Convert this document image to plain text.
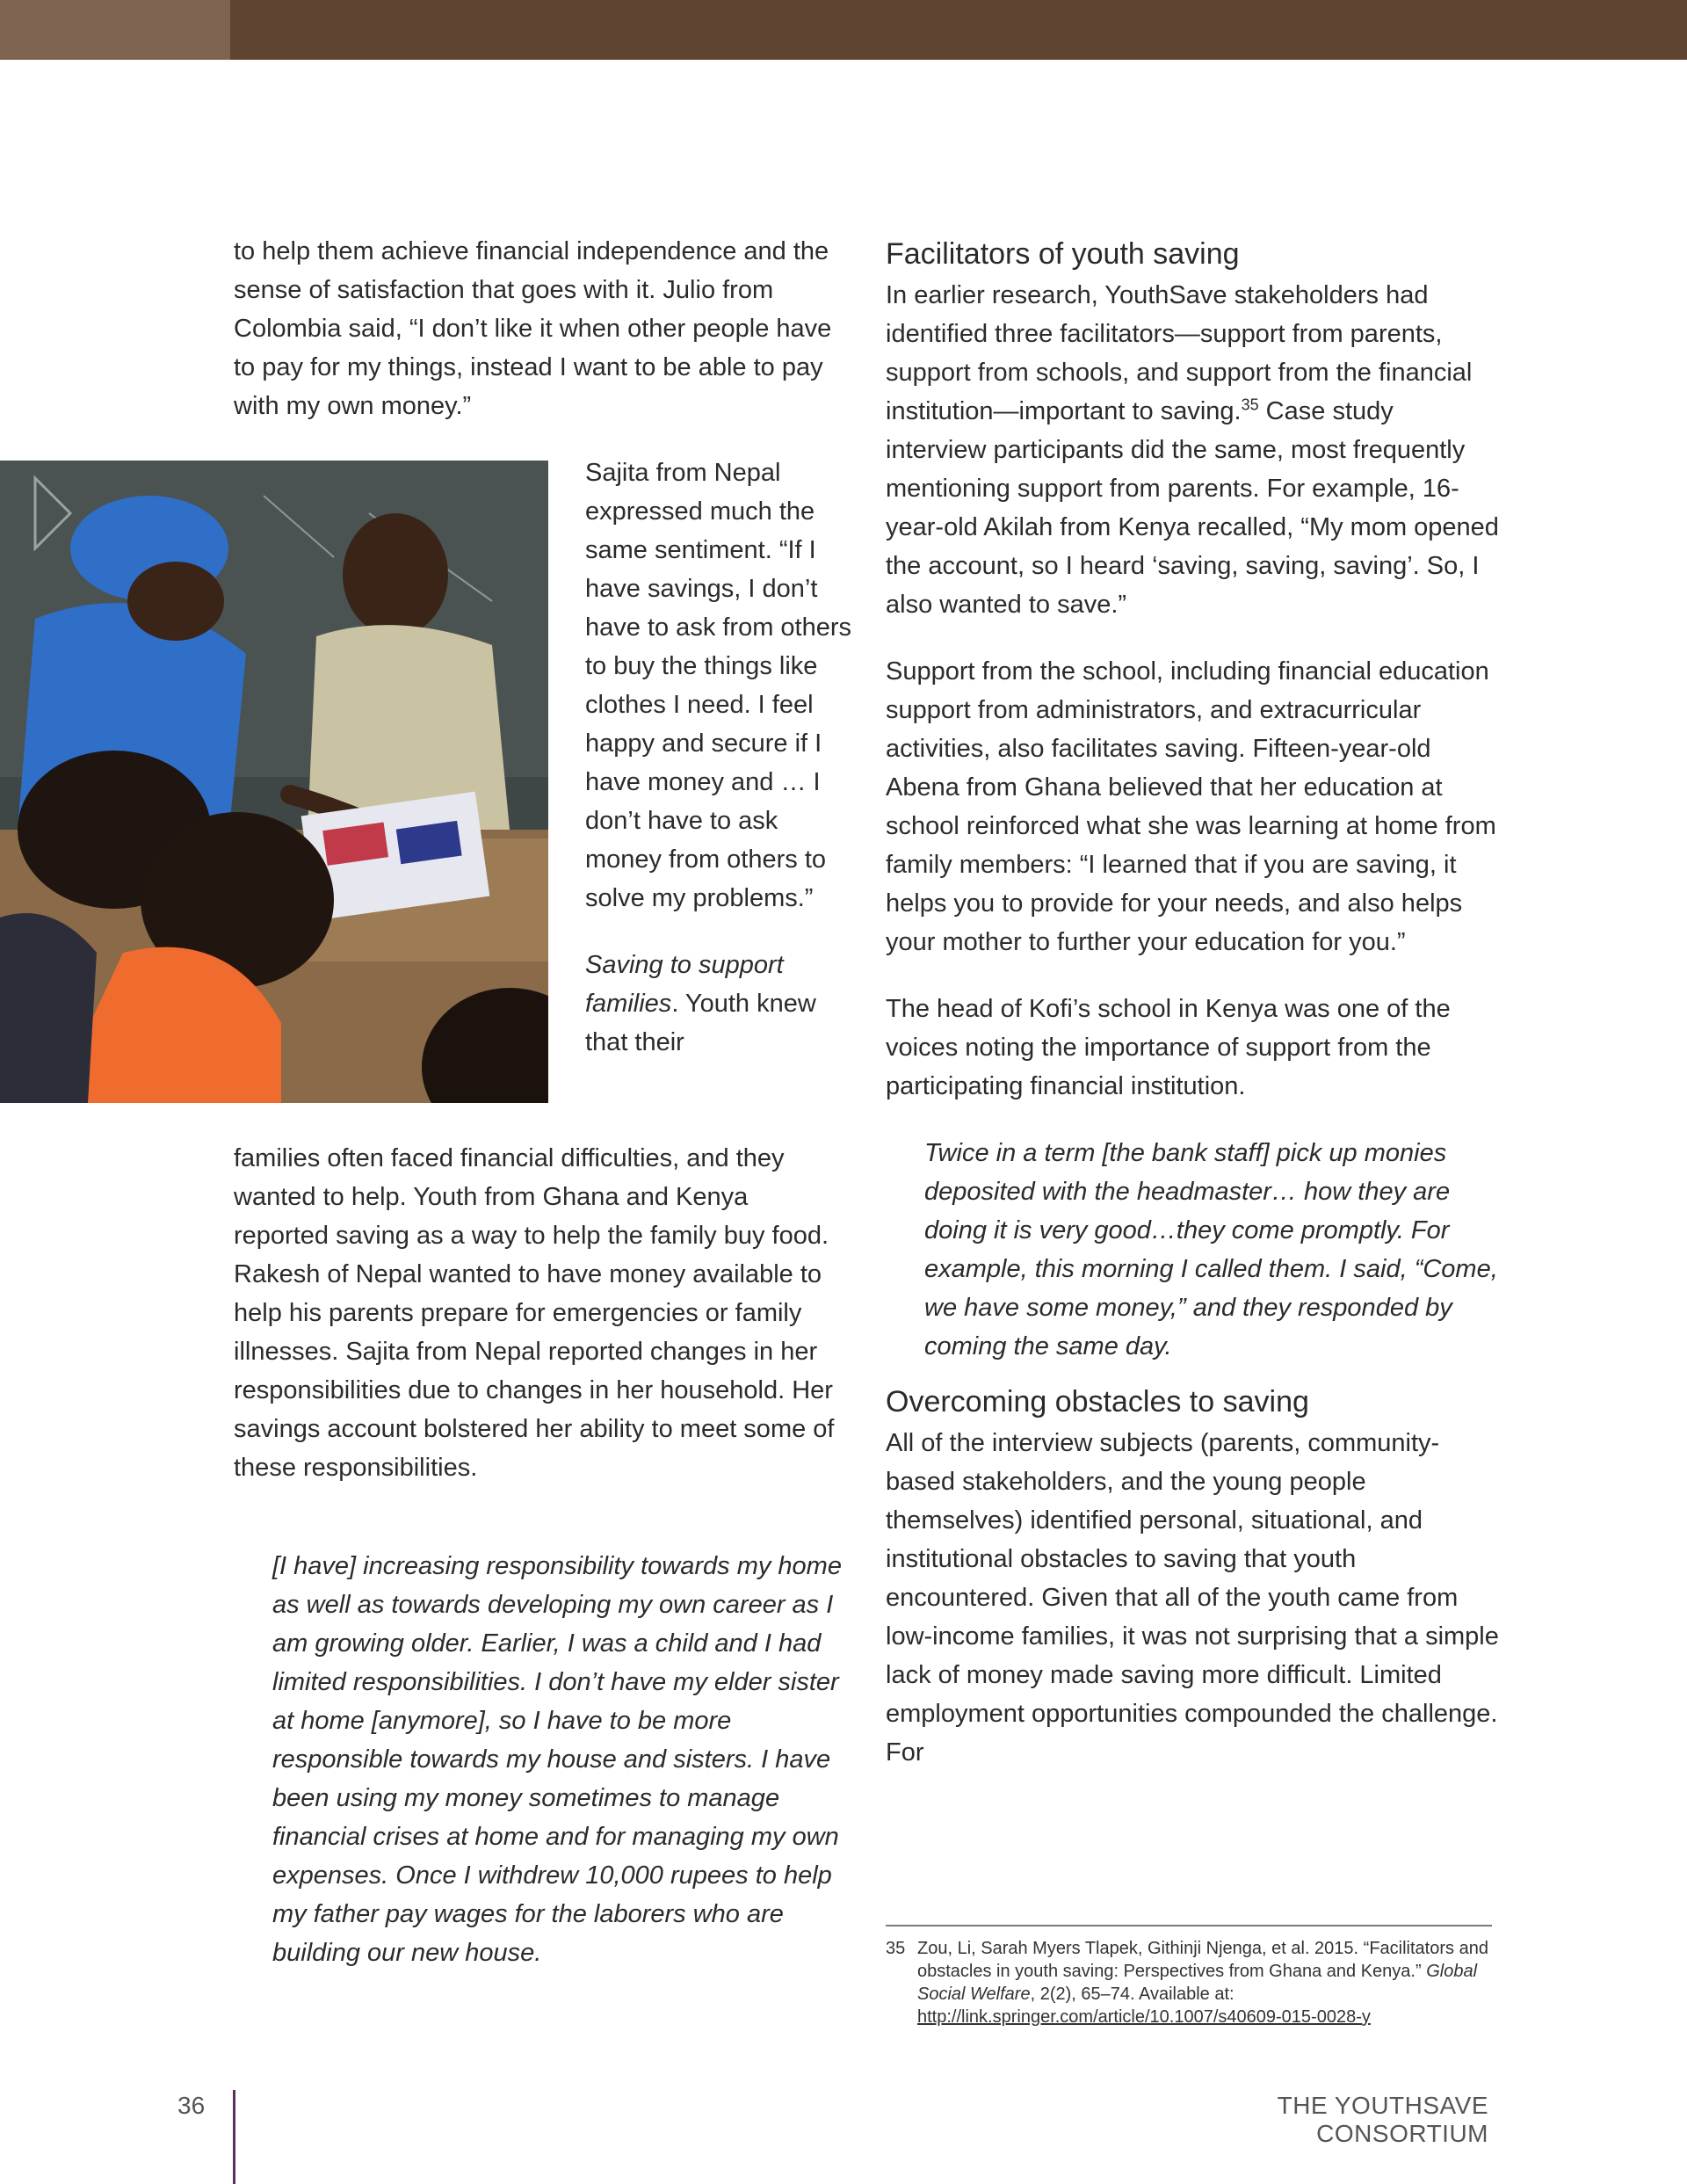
to help them achieve financial independence and the sense of satisfaction that goes with it. Julio from Colombia said, “I don’t like it when other people have to pay for my things, instead I want to be able to pay with my own money.”

Sajita from Nepal expressed much the same sentiment. “If I have savings, I don’t have to ask from others to buy the things like clothes I need. I feel happy and secure if I have money and … I don’t have to ask money from others to solve my problems.”

Saving to support families. Youth knew that their

families often faced financial difficulties, and they wanted to help. Youth from Ghana and Kenya reported saving as a way to help the family buy food. Rakesh of Nepal wanted to have money available to help his parents prepare for emergencies or family illnesses. Sajita from Nepal reported changes in her responsibilities due to changes in her household. Her savings account bolstered her ability to meet some of these responsibilities.

[I have] increasing responsibility towards my home as well as towards developing my own career as I am growing older. Earlier, I was a child and I had limited responsibilities. I don’t have my elder sister at home [anymore], so I have to be more responsible towards my house and sisters. I have been using my money sometimes to manage financial crises at home and for managing my own expenses. Once I withdrew 10,000 rupees to help my father pay wages for the laborers who are building our new house.

Facilitators of youth saving

In earlier research, YouthSave stakeholders had identified three facilitators—support from parents, support from schools, and support from the financial institution—important to saving.$^{35}$ Case study interview participants did the same, most frequently mentioning support from parents. For example, 16-year-old Akilah from Kenya recalled, “My mom opened the account, so I heard ‘saving, saving, saving’. So, I also wanted to save.”

Support from the school, including financial education support from administrators, and extracurricular activities, also facilitates saving. Fifteen-year-old Abena from Ghana believed that her education at school reinforced what she was learning at home from family members: “I learned that if you are saving, it helps you to provide for your needs, and also helps your mother to further your education for you.”

The head of Kofi’s school in Kenya was one of the voices noting the importance of support from the participating financial institution.

Twice in a term [the bank staff] pick up monies deposited with the headmaster… how they are doing it is very good…they come promptly. For example, this morning I called them. I said, “Come, we have some money,” and they responded by coming the same day.

Overcoming obstacles to saving

All of the interview subjects (parents, community-based stakeholders, and the young people themselves) identified personal, situational, and institutional obstacles to saving that youth encountered. Given that all of the youth came from low-income families, it was not surprising that a simple lack of money made saving more difficult. Limited employment opportunities compounded the challenge. For

35 Zou, Li, Sarah Myers Tlapek, Githinji Njenga, et al. 2015. “Facilitators and obstacles in youth saving: Perspectives from Ghana and Kenya.” Global Social Welfare, 2(2), 65–74. Available at: http://link.springer.com/article/10.1007/s40609-015-0028-y
36	THE YOUTHSAVE CONSORTIUM
